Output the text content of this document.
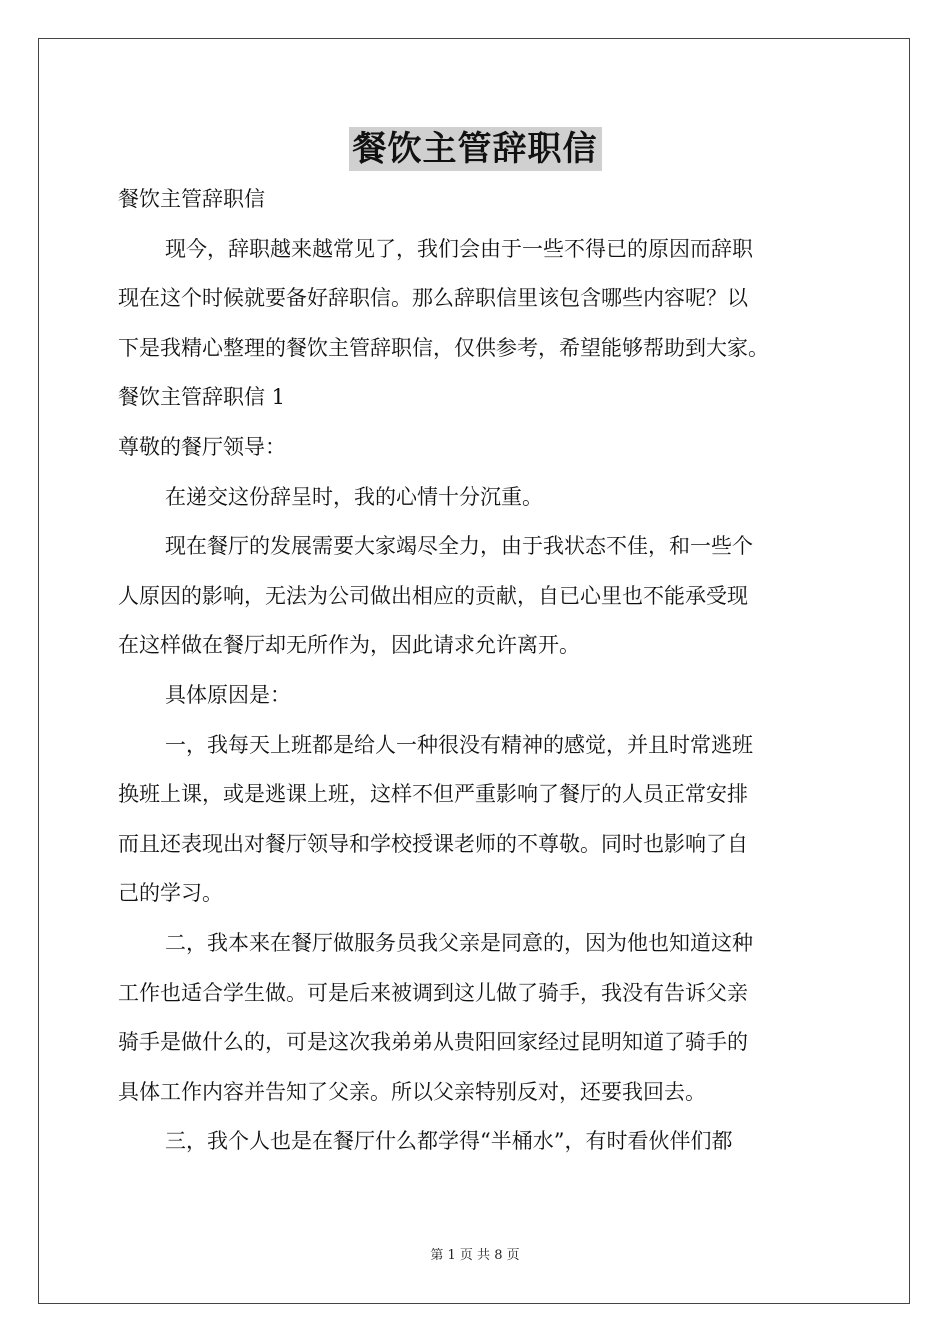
餐饮主管辞职信
餐饮主管辞职信
现今，辞职越来越常见了，我们会由于一些不得已的原因而辞职
现在这个时候就要备好辞职信。那么辞职信里该包含哪些内容呢？以
下是我精心整理的餐饮主管辞职信，仅供参考，希望能够帮助到大家。
餐饮主管辞职信 1
尊敬的餐厅领导：
在递交这份辞呈时，我的心情十分沉重。
现在餐厅的发展需要大家竭尽全力，由于我状态不佳，和一些个
人原因的影响，无法为公司做出相应的贡献，自已心里也不能承受现
在这样做在餐厅却无所作为，因此请求允许离开。
具体原因是：
一，我每天上班都是给人一种很没有精神的感觉，并且时常逃班
换班上课，或是逃课上班，这样不但严重影响了餐厅的人员正常安排
而且还表现出对餐厅领导和学校授课老师的不尊敬。同时也影响了自
己的学习。
二，我本来在餐厅做服务员我父亲是同意的，因为他也知道这种
工作也适合学生做。可是后来被调到这儿做了骑手，我没有告诉父亲
骑手是做什么的，可是这次我弟弟从贵阳回家经过昆明知道了骑手的
具体工作内容并告知了父亲。所以父亲特别反对，还要我回去。
三，我个人也是在餐厅什么都学得“半桶水”，有时看伙伴们都
第 1 页 共 8 页
